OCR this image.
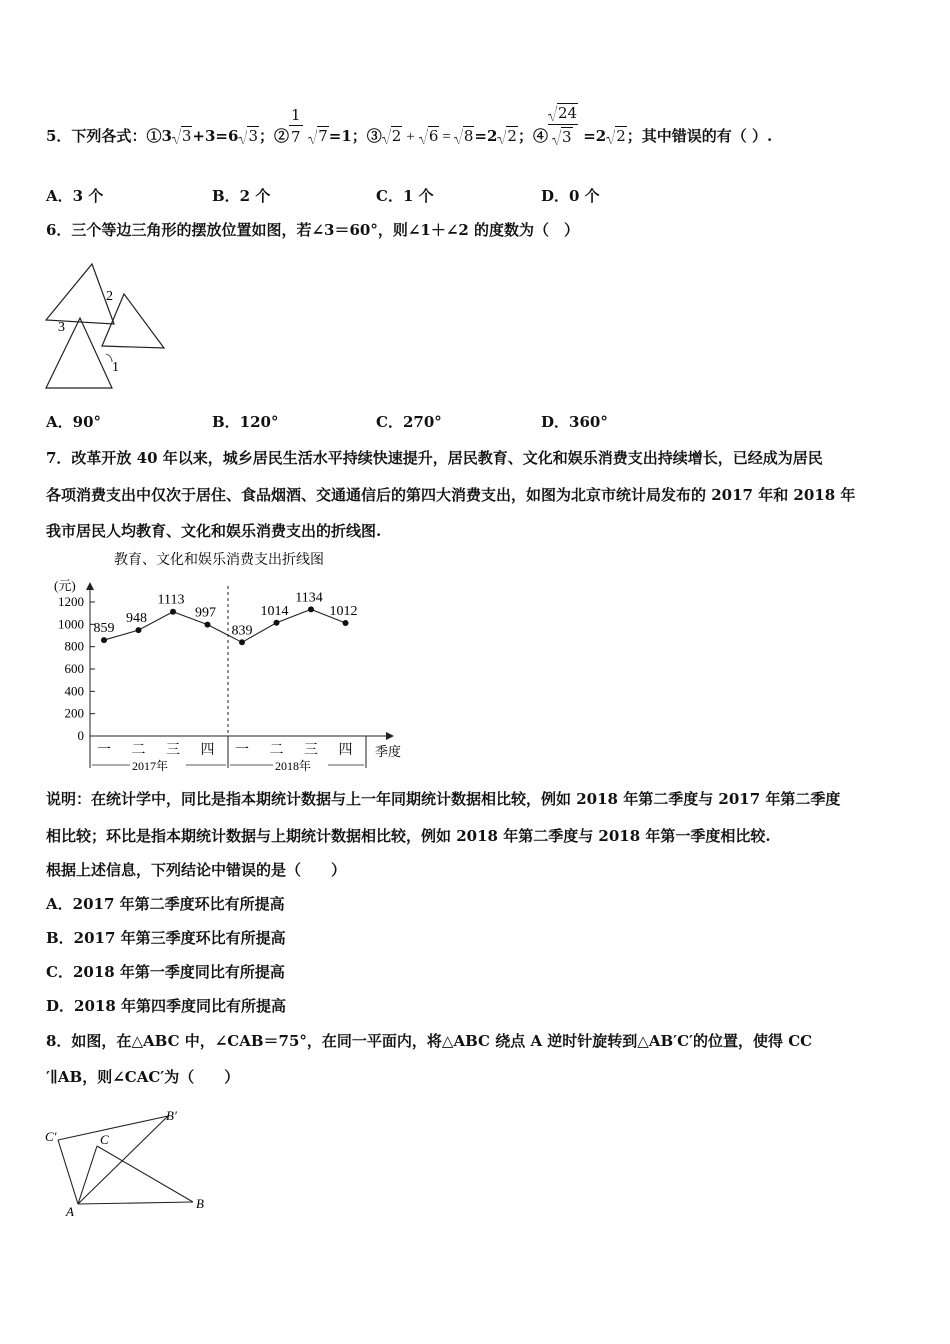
5．下列各式：①3 3+3=6 3；② $\frac{1}{7} 7=1$；③ 2 + 6 = 8=2 2；④ $\frac{24}{3} =2$ 2；其中错误的有（ ）.
A．3 个	B．2 个	C．1 个	D．0 个
6．三个等边三角形的摆放位置如图，若∠3＝60°，则∠1＋∠2 的度数为（　）
1
2
3
A．90°	B．120°	C．270°	D．360°
7．改革开放 40 年以来，城乡居民生活水平持续快速提升，居民教育、文化和娱乐消费支出持续增长，已经成为居民
各项消费支出中仅次于居住、食品烟酒、交通通信后的第四大消费支出，如图为北京市统计局发布的 2017 年和 2018 年
我市居民人均教育、文化和娱乐消费支出的折线图.
教育、文化和娱乐消费支出折线图
(元)
季度
2017年	2018年
0
200
400
600
800
1000
1200
一 二 三 四 一 二 三 四
859
948
1113
997
839
1014
1134
1012
说明：在统计学中，同比是指本期统计数据与上一年同期统计数据相比较，例如 2018 年第二季度与 2017 年第二季度
相比较；环比是指本期统计数据与上期统计数据相比较，例如 2018 年第二季度与 2018 年第一季度相比较.
根据上述信息，下列结论中错误的是（　　）
A．2017 年第二季度环比有所提高
B．2017 年第三季度环比有所提高
C．2018 年第一季度同比有所提高
D．2018 年第四季度同比有所提高
8．如图，在△ABC 中，∠CAB＝75°，在同一平面内，将△ABC 绕点 A 逆时针旋转到△AB′C′的位置，使得 CC
′∥AB，则∠CAC′为（　　）
A
B
C
C′
B′
